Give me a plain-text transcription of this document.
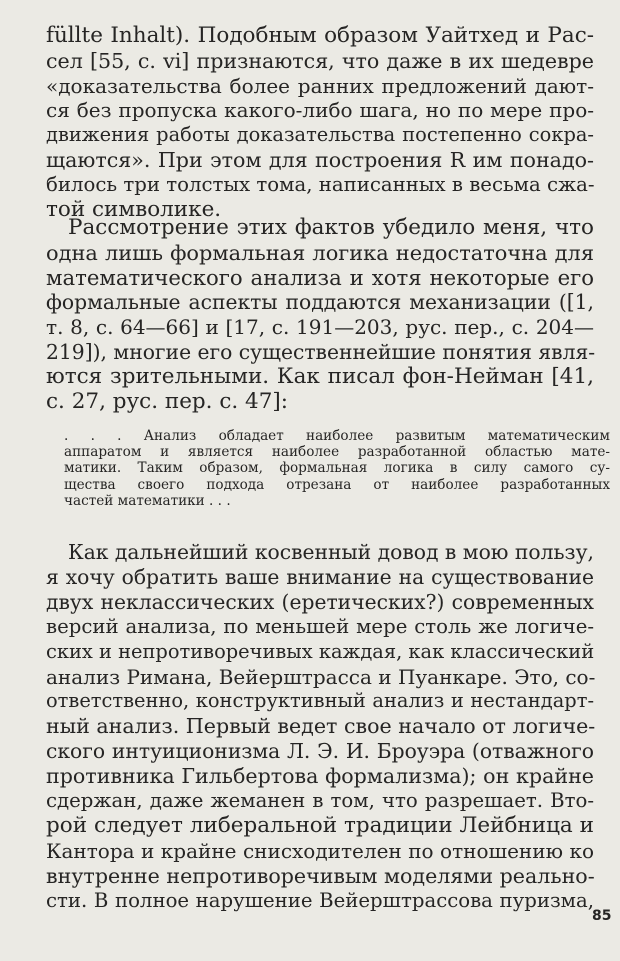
füllte Inhalt). Подобным образом Уайтхед и Рас-
сел [55, с. vi] признаются, что даже в их шедевре
«доказательства более ранних предложений дают-
ся без пропуска какого-либо шага, но по мере про-
движения работы доказательства постепенно сокра-
щаются». При этом для построения R им понадо-
билось три толстых тома, написанных в весьма сжа-
той символике.
Рассмотрение этих фактов убедило меня, что
одна лишь формальная логика недостаточна для
математического анализа и хотя некоторые его
формальные аспекты поддаются механизации ([1,
т. 8, с. 64—66] и [17, с. 191—203, рус. пер., с. 204—
219]), многие его существеннейшие понятия явля-
ются зрительными. Как писал фон-Нейман [41,
с. 27, рус. пер. с. 47]:
. . . Анализ обладает наиболее развитым математическим
аппаратом и является наиболее разработанной областью мате-
матики. Таким образом, формальная логика в силу самого су-
щества своего подхода отрезана от наиболее разработанных
частей математики . . .
Как дальнейший косвенный довод в мою пользу,
я хочу обратить ваше внимание на существование
двух неклассических (еретических?) современных
версий анализа, по меньшей мере столь же логиче-
ских и непротиворечивых каждая, как классический
анализ Римана, Вейерштрасса и Пуанкаре. Это, со-
ответственно, конструктивный анализ и нестандарт-
ный анализ. Первый ведет свое начало от логиче-
ского интуиционизма Л. Э. И. Броуэра (отважного
противника Гильбертова формализма); он крайне
сдержан, даже жеманен в том, что разрешает. Вто-
рой следует либеральной традиции Лейбница и
Кантора и крайне снисходителен по отношению ко
внутренне непротиворечивым моделями реально-
сти. В полное нарушение Вейерштрассова пуризма,
85
